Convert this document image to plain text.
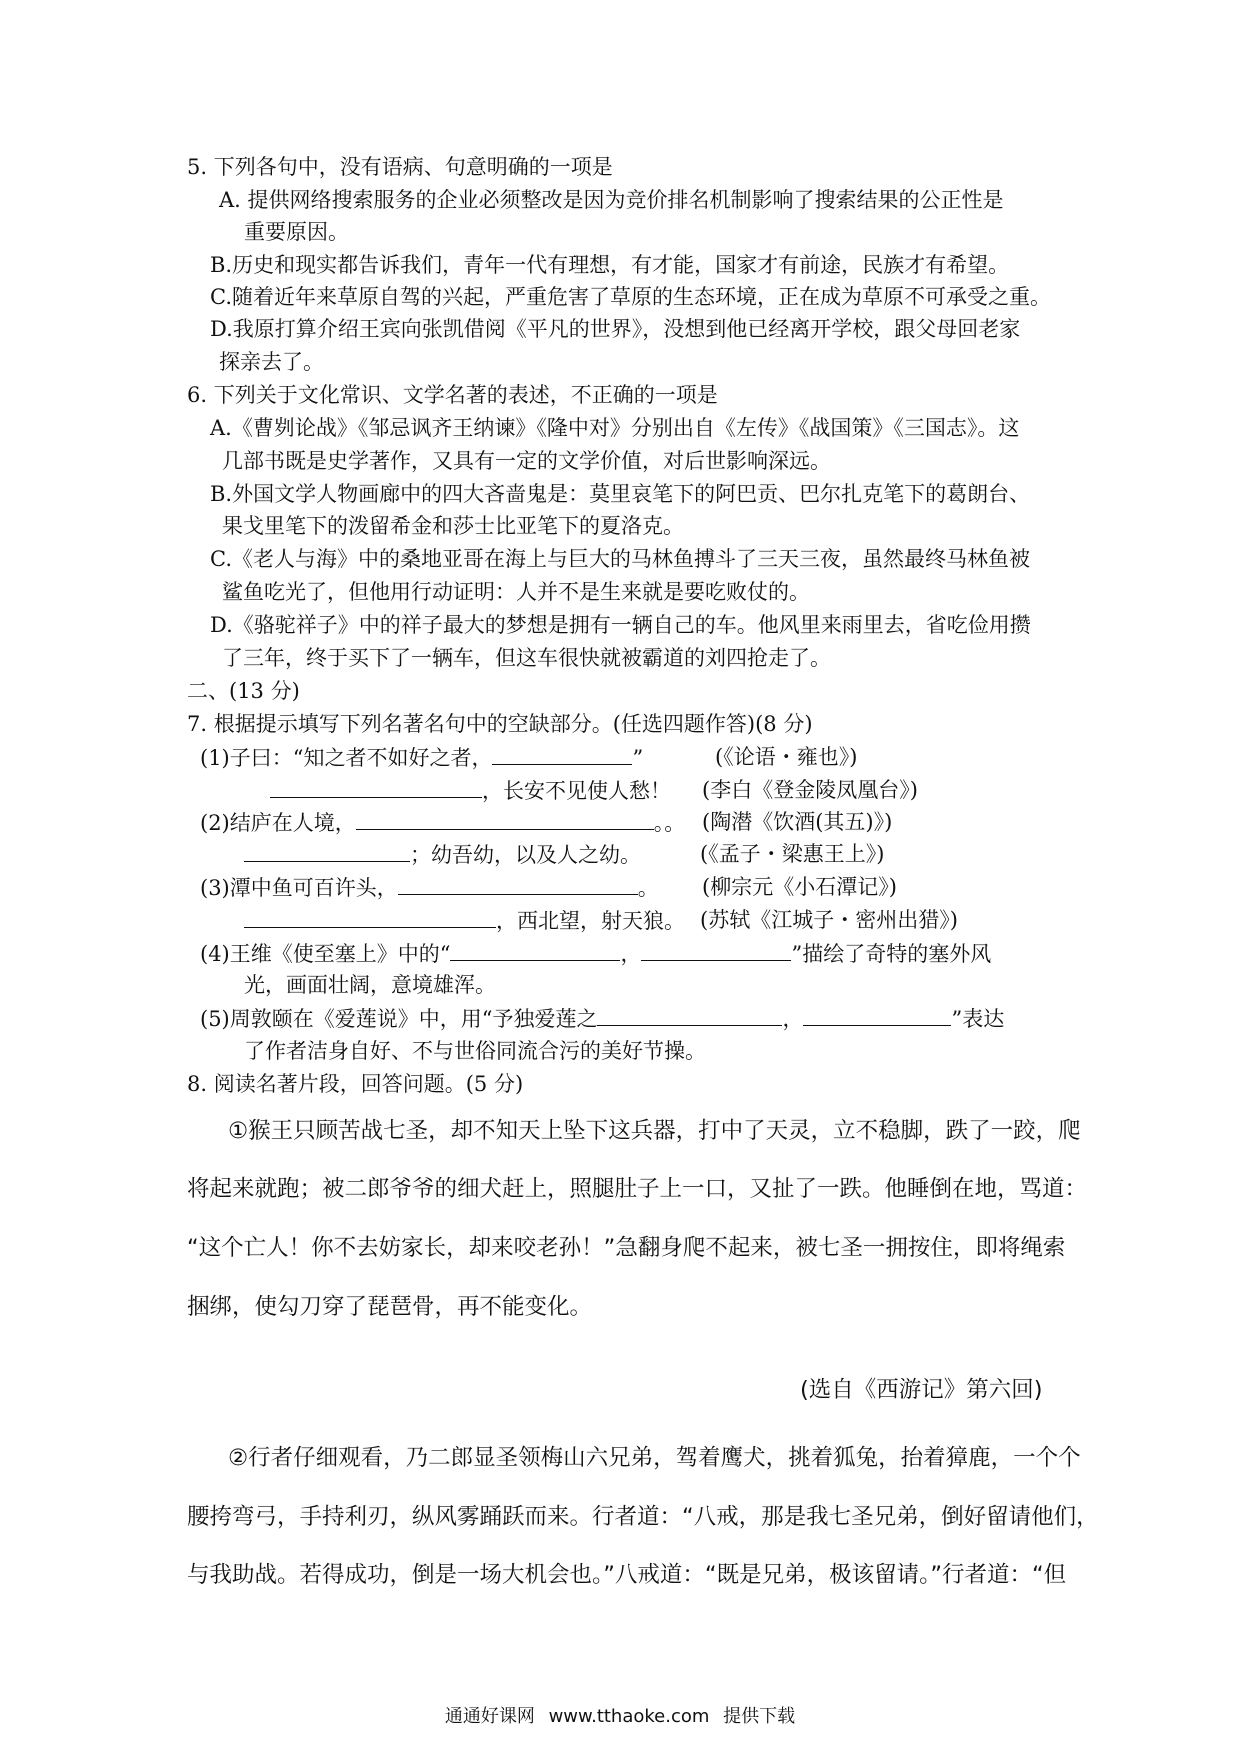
5. 下列各句中，没有语病、句意明确的一项是
A. 提供网络搜索服务的企业必须整改是因为竞价排名机制影响了搜索结果的公正性是
重要原因。
B.历史和现实都告诉我们，青年一代有理想，有才能，国家才有前途，民族才有希望。
C.随着近年来草原自驾的兴起，严重危害了草原的生态环境，正在成为草原不可承受之重。
D.我原打算介绍王宾向张凯借阅《平凡的世界》，没想到他已经离开学校，跟父母回老家
探亲去了。
6. 下列关于文化常识、文学名著的表述，不正确的一项是
A.《曹刿论战》《邹忌讽齐王纳谏》《隆中对》分别出自《左传》《战国策》《三国志》。这
几部书既是史学著作，又具有一定的文学价值，对后世影响深远。
B.外国文学人物画廊中的四大吝啬鬼是：莫里哀笔下的阿巴贡、巴尔扎克笔下的葛朗台、
果戈里笔下的泼留希金和莎士比亚笔下的夏洛克。
C.《老人与海》中的桑地亚哥在海上与巨大的马林鱼搏斗了三天三夜，虽然最终马林鱼被
鲨鱼吃光了，但他用行动证明：人并不是生来就是要吃败仗的。
D.《骆驼祥子》中的祥子最大的梦想是拥有一辆自己的车。他风里来雨里去，省吃俭用攒
了三年，终于买下了一辆车，但这车很快就被霸道的刘四抢走了。
二、(13 分)
7. 根据提示填写下列名著名句中的空缺部分。(任选四题作答)(8 分)
(1)子曰：“知之者不如好之者，	”	(《论语・雍也》)
，长安不见使人愁！ (李白《登金陵凤凰台》)
(2)结庐在人境，	。。 (陶潜《饮酒(其五)》)
；幼吾幼，以及人之幼。	(《孟子・梁惠王上》)
(3)潭中鱼可百许头，	。 (柳宗元《小石潭记》)
，西北望，射天狼。 (苏轼《江城子・密州出猎》)
(4)王维《使至塞上》中的“	，	”描绘了奇特的塞外风
光，画面壮阔，意境雄浑。
(5)周敦颐在《爱莲说》中，用“予独爱莲之	，	”表达
了作者洁身自好、不与世俗同流合污的美好节操。
8. 阅读名著片段，回答问题。(5 分)
①猴王只顾苦战七圣，却不知天上坠下这兵器，打中了天灵，立不稳脚，跌了一跤，爬
将起来就跑；被二郎爷爷的细犬赶上，照腿肚子上一口，又扯了一跌。他睡倒在地，骂道：
“这个亡人！你不去妨家长，却来咬老孙！”急翻身爬不起来，被七圣一拥按住，即将绳索
捆绑，使勾刀穿了琵琶骨，再不能变化。
(选自《西游记》第六回)
②行者仔细观看，乃二郎显圣领梅山六兄弟，驾着鹰犬，挑着狐兔，抬着獐鹿，一个个
腰挎弯弓，手持利刃，纵风雾踊跃而来。行者道：“八戒，那是我七圣兄弟，倒好留请他们，
与我助战。若得成功，倒是一场大机会也。”八戒道：“既是兄弟，极该留请。”行者道：“但
通通好课网 www.tthaoke.com 提供下载
